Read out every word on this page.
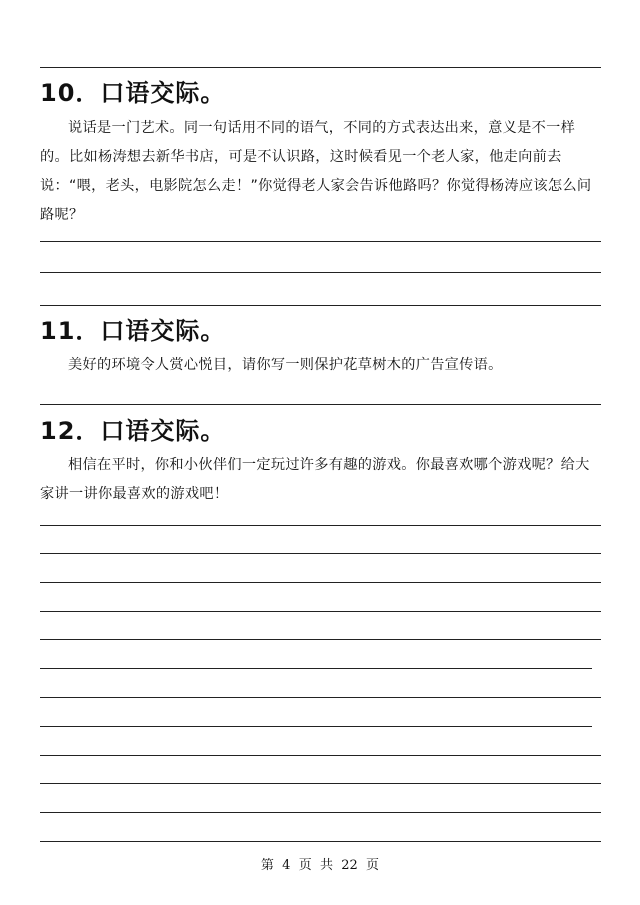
10．口语交际。
说话是一门艺术。同一句话用不同的语气，不同的方式表达出来，意义是不一样的。比如杨涛想去新华书店，可是不认识路，这时候看见一个老人家，他走向前去说：“喂，老头，电影院怎么走！”你觉得老人家会告诉他路吗？你觉得杨涛应该怎么问路呢？
11．口语交际。
美好的环境令人赏心悦目，请你写一则保护花草树木的广告宣传语。
12．口语交际。
相信在平时，你和小伙伴们一定玩过许多有趣的游戏。你最喜欢哪个游戏呢？给大家讲一讲你最喜欢的游戏吧！
第  4  页  共  22  页
